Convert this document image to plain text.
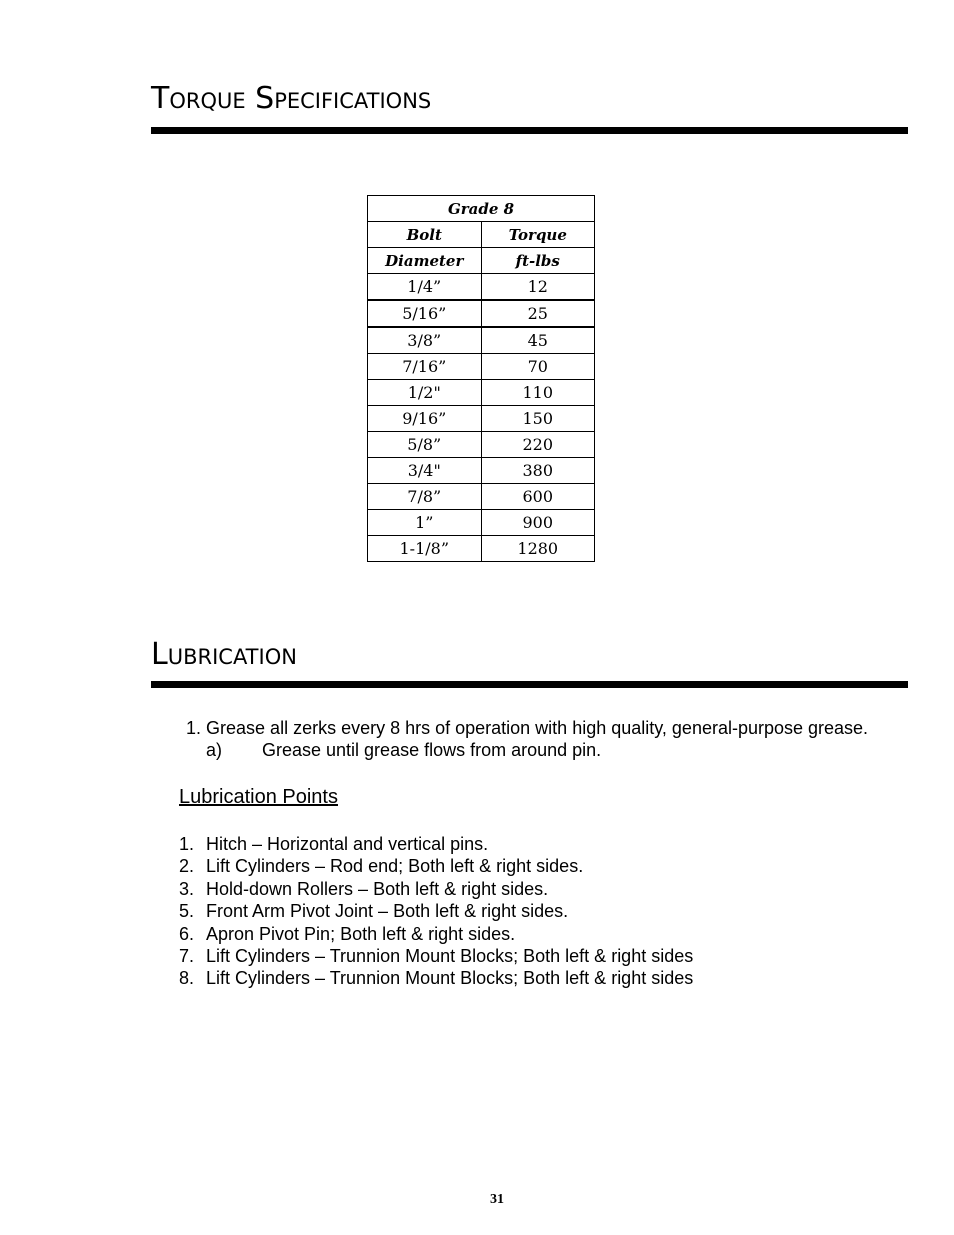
Torque Specifications
Grade 8	
Bolt	Torque
Diameter	ft-lbs
1/4”	12
5/16”	25
3/8”	45
7/16”	70
1/2"	110
9/16”	150
5/8”	220
3/4"	380
7/8”	600
1”	900
1-1/8”	1280
Lubrication
1. Grease all zerks every 8 hrs of operation with high quality, general-purpose grease.
a) Grease until grease flows from around pin.
Lubrication Points
1. Hitch – Horizontal and vertical pins.
2. Lift Cylinders – Rod end; Both left & right sides.
3. Hold-down Rollers – Both left & right sides.
5. Front Arm Pivot Joint – Both left & right sides.
6. Apron Pivot Pin; Both left & right sides.
7. Lift Cylinders – Trunnion Mount Blocks; Both left & right sides
8. Lift Cylinders – Trunnion Mount Blocks; Both left & right sides
31
